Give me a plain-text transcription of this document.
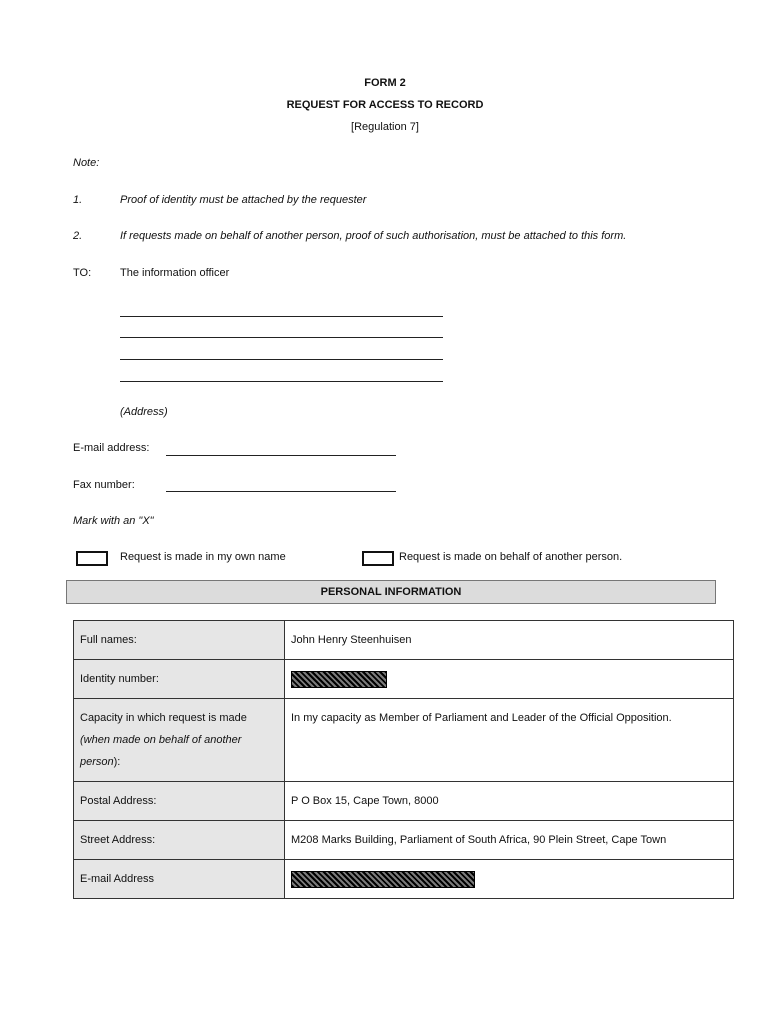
FORM 2
REQUEST FOR ACCESS TO RECORD
[Regulation 7]
Note:
1.	Proof of identity must be attached by the requester
2.	If requests made on behalf of another person, proof of such authorisation, must be attached to this form.
TO:	The information officer
(Address)
E-mail address:
Fax number:
Mark with an "X"
Request is made in my own name	Request is made on behalf of another person.
PERSONAL INFORMATION
Full names:	John Henry Steenhuisen
Identity number:	
Capacity in which request is made
(when made on behalf of another person):	In my capacity as Member of Parliament and Leader of the Official Opposition.
Postal Address:	P O Box 15, Cape Town, 8000
Street Address:	M208 Marks Building, Parliament of South Africa, 90 Plein Street, Cape Town
E-mail Address	
